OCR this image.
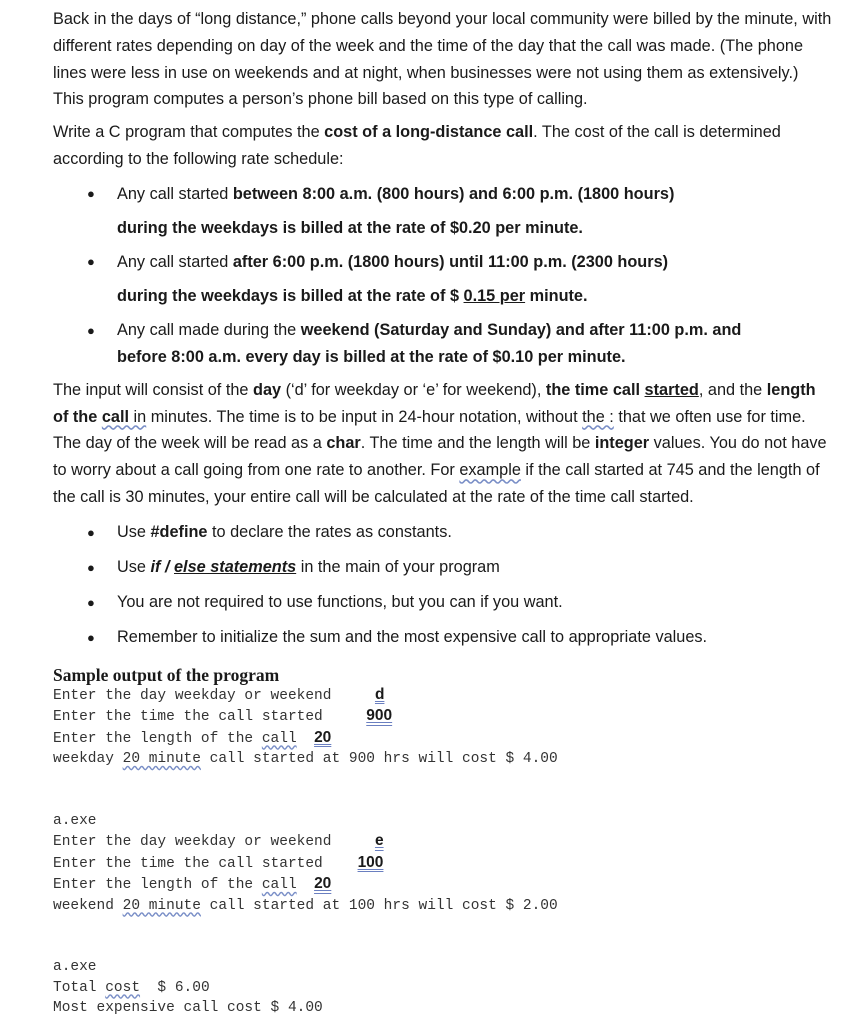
Back in the days of “long distance,” phone calls beyond your local community were billed by the minute, with different rates depending on day of the week and the time of the day that the call was made. (The phone lines were less in use on weekends and at night, when businesses were not using them as extensively.) This program computes a person’s phone bill based on this type of calling.

Write a C program that computes the cost of a long-distance call. The cost of the call is determined according to the following rate schedule:

● Any call started between 8:00 a.m. (800 hours) and 6:00 p.m. (1800 hours)
during the weekdays is billed at the rate of $0.20 per minute.
● Any call started after 6:00 p.m. (1800 hours) until 11:00 p.m. (2300 hours)
during the weekdays is billed at the rate of $ 0.15 per minute.
● Any call made during the weekend (Saturday and Sunday) and after 11:00 p.m. and
before 8:00 a.m. every day is billed at the rate of $0.10 per minute.

The input will consist of the day (‘d’ for weekday or ‘e’ for weekend), the time call started, and the length of the call in minutes. The time is to be input in 24-hour notation, without the : that we often use for time. The day of the week will be read as a char. The time and the length will be integer values. You do not have to worry about a call going from one rate to another. For example if the call started at 745 and the length of the call is 30 minutes, your entire call will be calculated at the rate of the time call started.

● Use #define to declare the rates as constants.
● Use if / else statements in the main of your program
● You are not required to use functions, but you can if you want.
● Remember to initialize the sum and the most expensive call to appropriate values.
Sample output of the program
Enter the day weekday or weekend     d
Enter the time the call started     900
Enter the length of the call 20
weekday 20 minute call started at 900 hrs will cost $ 4.00
a.exe
Enter the day weekday or weekend     e
Enter the time the call started    100
Enter the length of the call 20
weekend 20 minute call started at 100 hrs will cost $ 2.00
a.exe
Total cost  $ 6.00
Most expensive call cost $ 4.00
